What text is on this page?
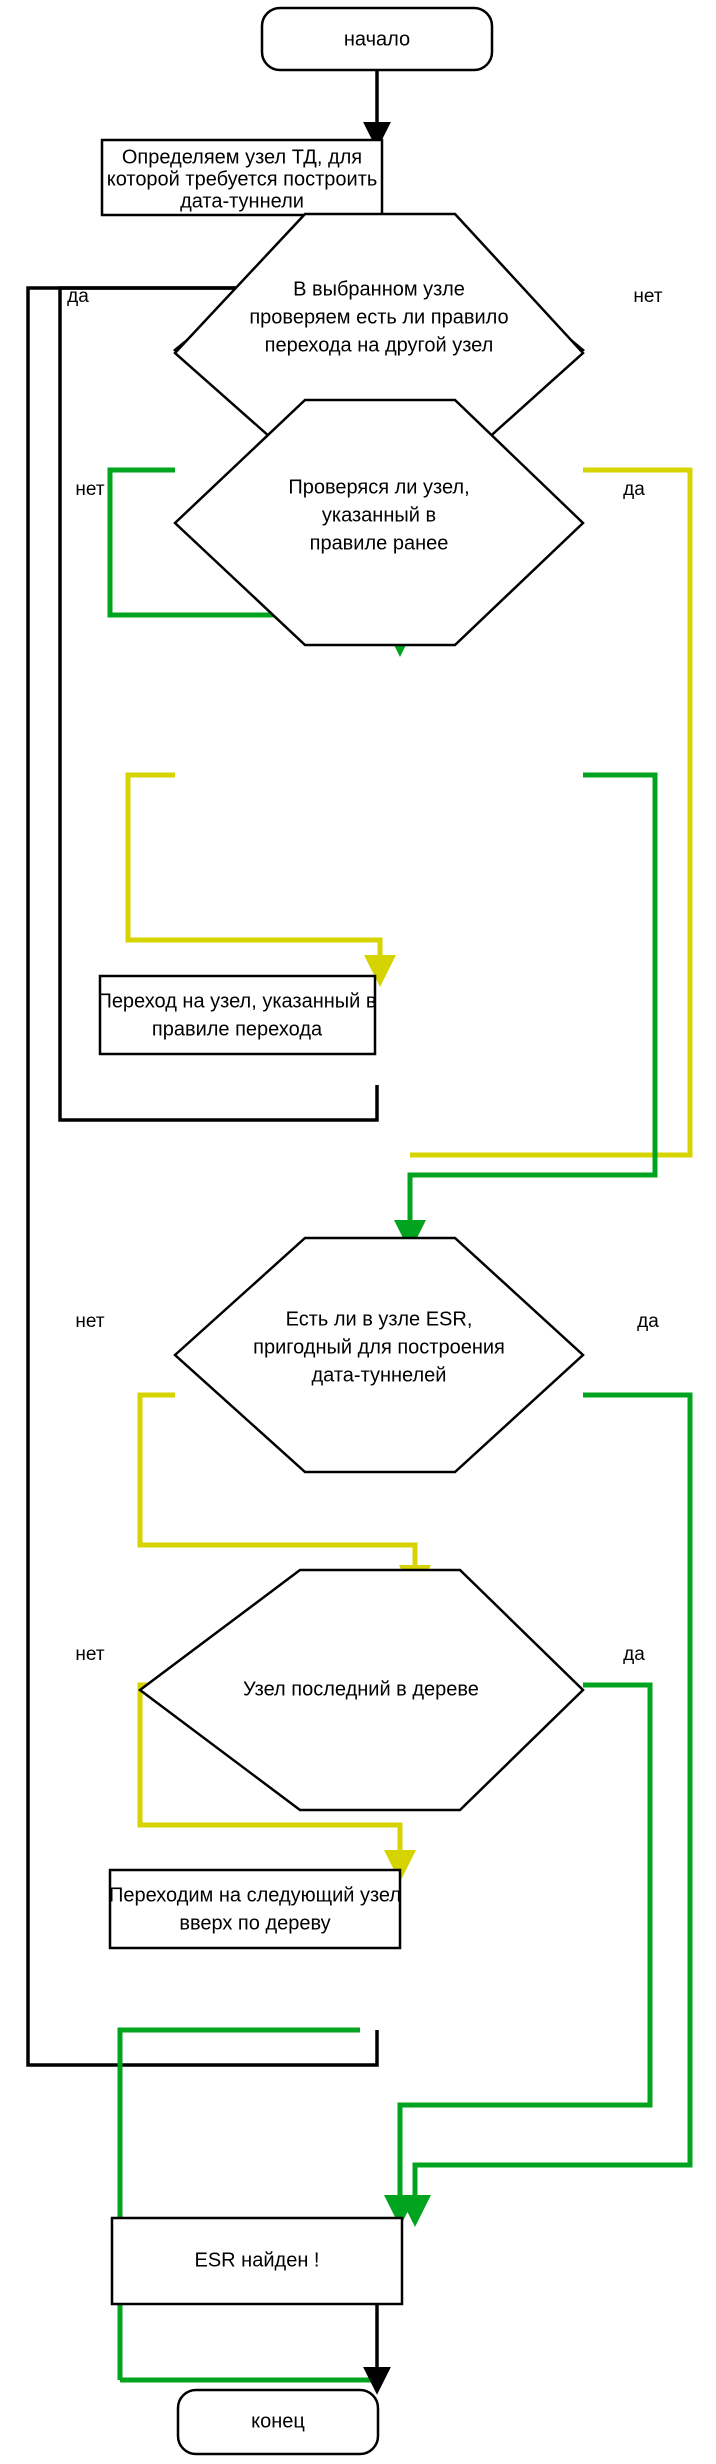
начало
Определяем узел ТД, для
которой требуется построить
дата-туннели
В выбранном узле
проверяем есть ли правило
перехода на другой узел
да	нет
Проверяся ли узел,
указанный в
правиле ранее
нет	да
Переход на узел, указанный в
правиле перехода
Есть ли в узле ESR,
пригодный для построения
дата-туннелей
нет	да
Узел последний в дереве
нет	да
Переходим на следующий узел
вверх по дереву
ESR найден !
конец
